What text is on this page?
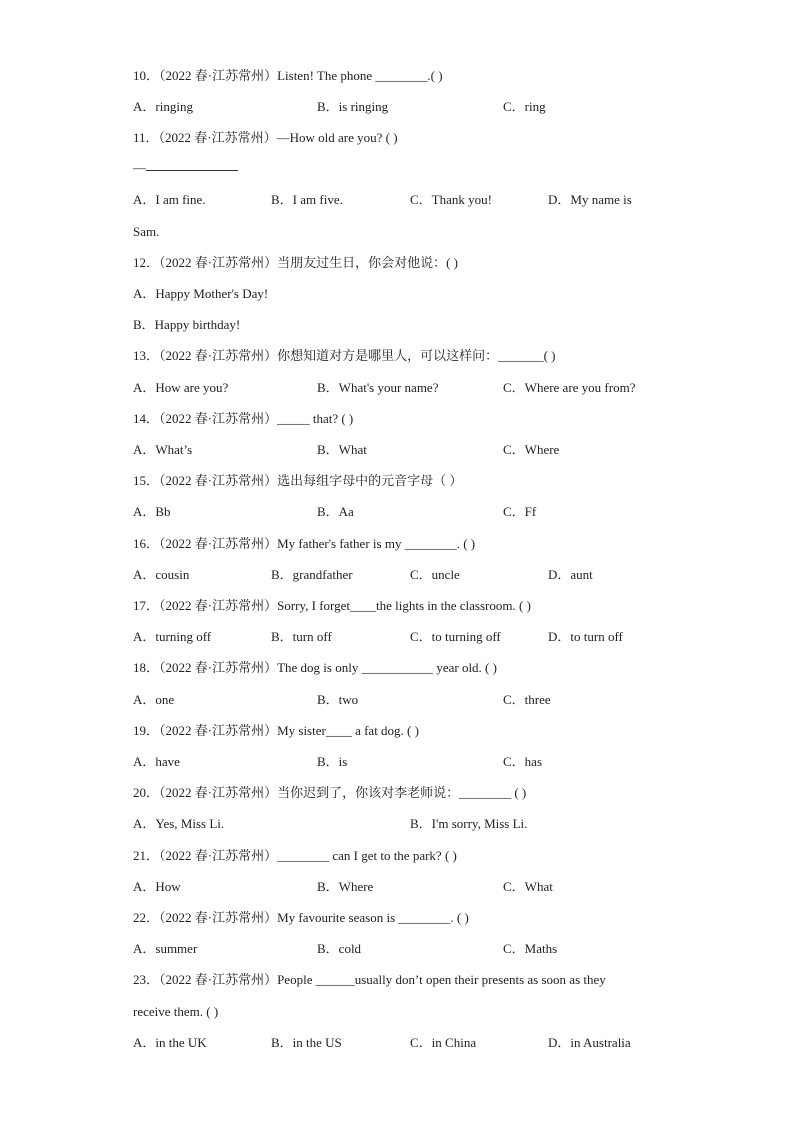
10．（2022 春·江苏常州）Listen! The phone ________.( )
A．ringing	B．is ringing	C．ring
11．（2022 春·江苏常州）—How old are you? ( )
—
A．I am fine.	B．I am five.	C．Thank you!	D．My name is
Sam.
12．（2022 春·江苏常州）当朋友过生日，你会对他说：( )
A．Happy Mother's Day!
B．Happy birthday!
13．（2022 春·江苏常州）你想知道对方是哪里人，可以这样问：_______( )
A．How are you?	B．What's your name?	C．Where are you from?
14．（2022 春·江苏常州）_____ that? ( )
A．What’s	B．What	C．Where
15．（2022 春·江苏常州）选出每组字母中的元音字母（ ）
A．Bb	B．Aa	C．Ff
16．（2022 春·江苏常州）My father's father is my ________. ( )
A．cousin	B．grandfather	C．uncle	D．aunt
17．（2022 春·江苏常州）Sorry, I forget____the lights in the classroom. ( )
A．turning off	B．turn off	C．to turning off	D．to turn off
18．（2022 春·江苏常州）The dog is only ___________ year old. ( )
A．one	B．two	C．three
19．（2022 春·江苏常州）My sister____ a fat dog. ( )
A．have	B．is	C．has
20．（2022 春·江苏常州）当你迟到了，你该对李老师说：________ ( )
A．Yes, Miss Li.	B．I'm sorry, Miss Li.
21．（2022 春·江苏常州）________ can I get to the park? ( )
A．How	B．Where	C．What
22．（2022 春·江苏常州）My favourite season is ________. ( )
A．summer	B．cold	C．Maths
23．（2022 春·江苏常州）People ______usually don’t open their presents as soon as they
receive them. ( )
A．in the UK	B．in the US	C．in China	D．in Australia
